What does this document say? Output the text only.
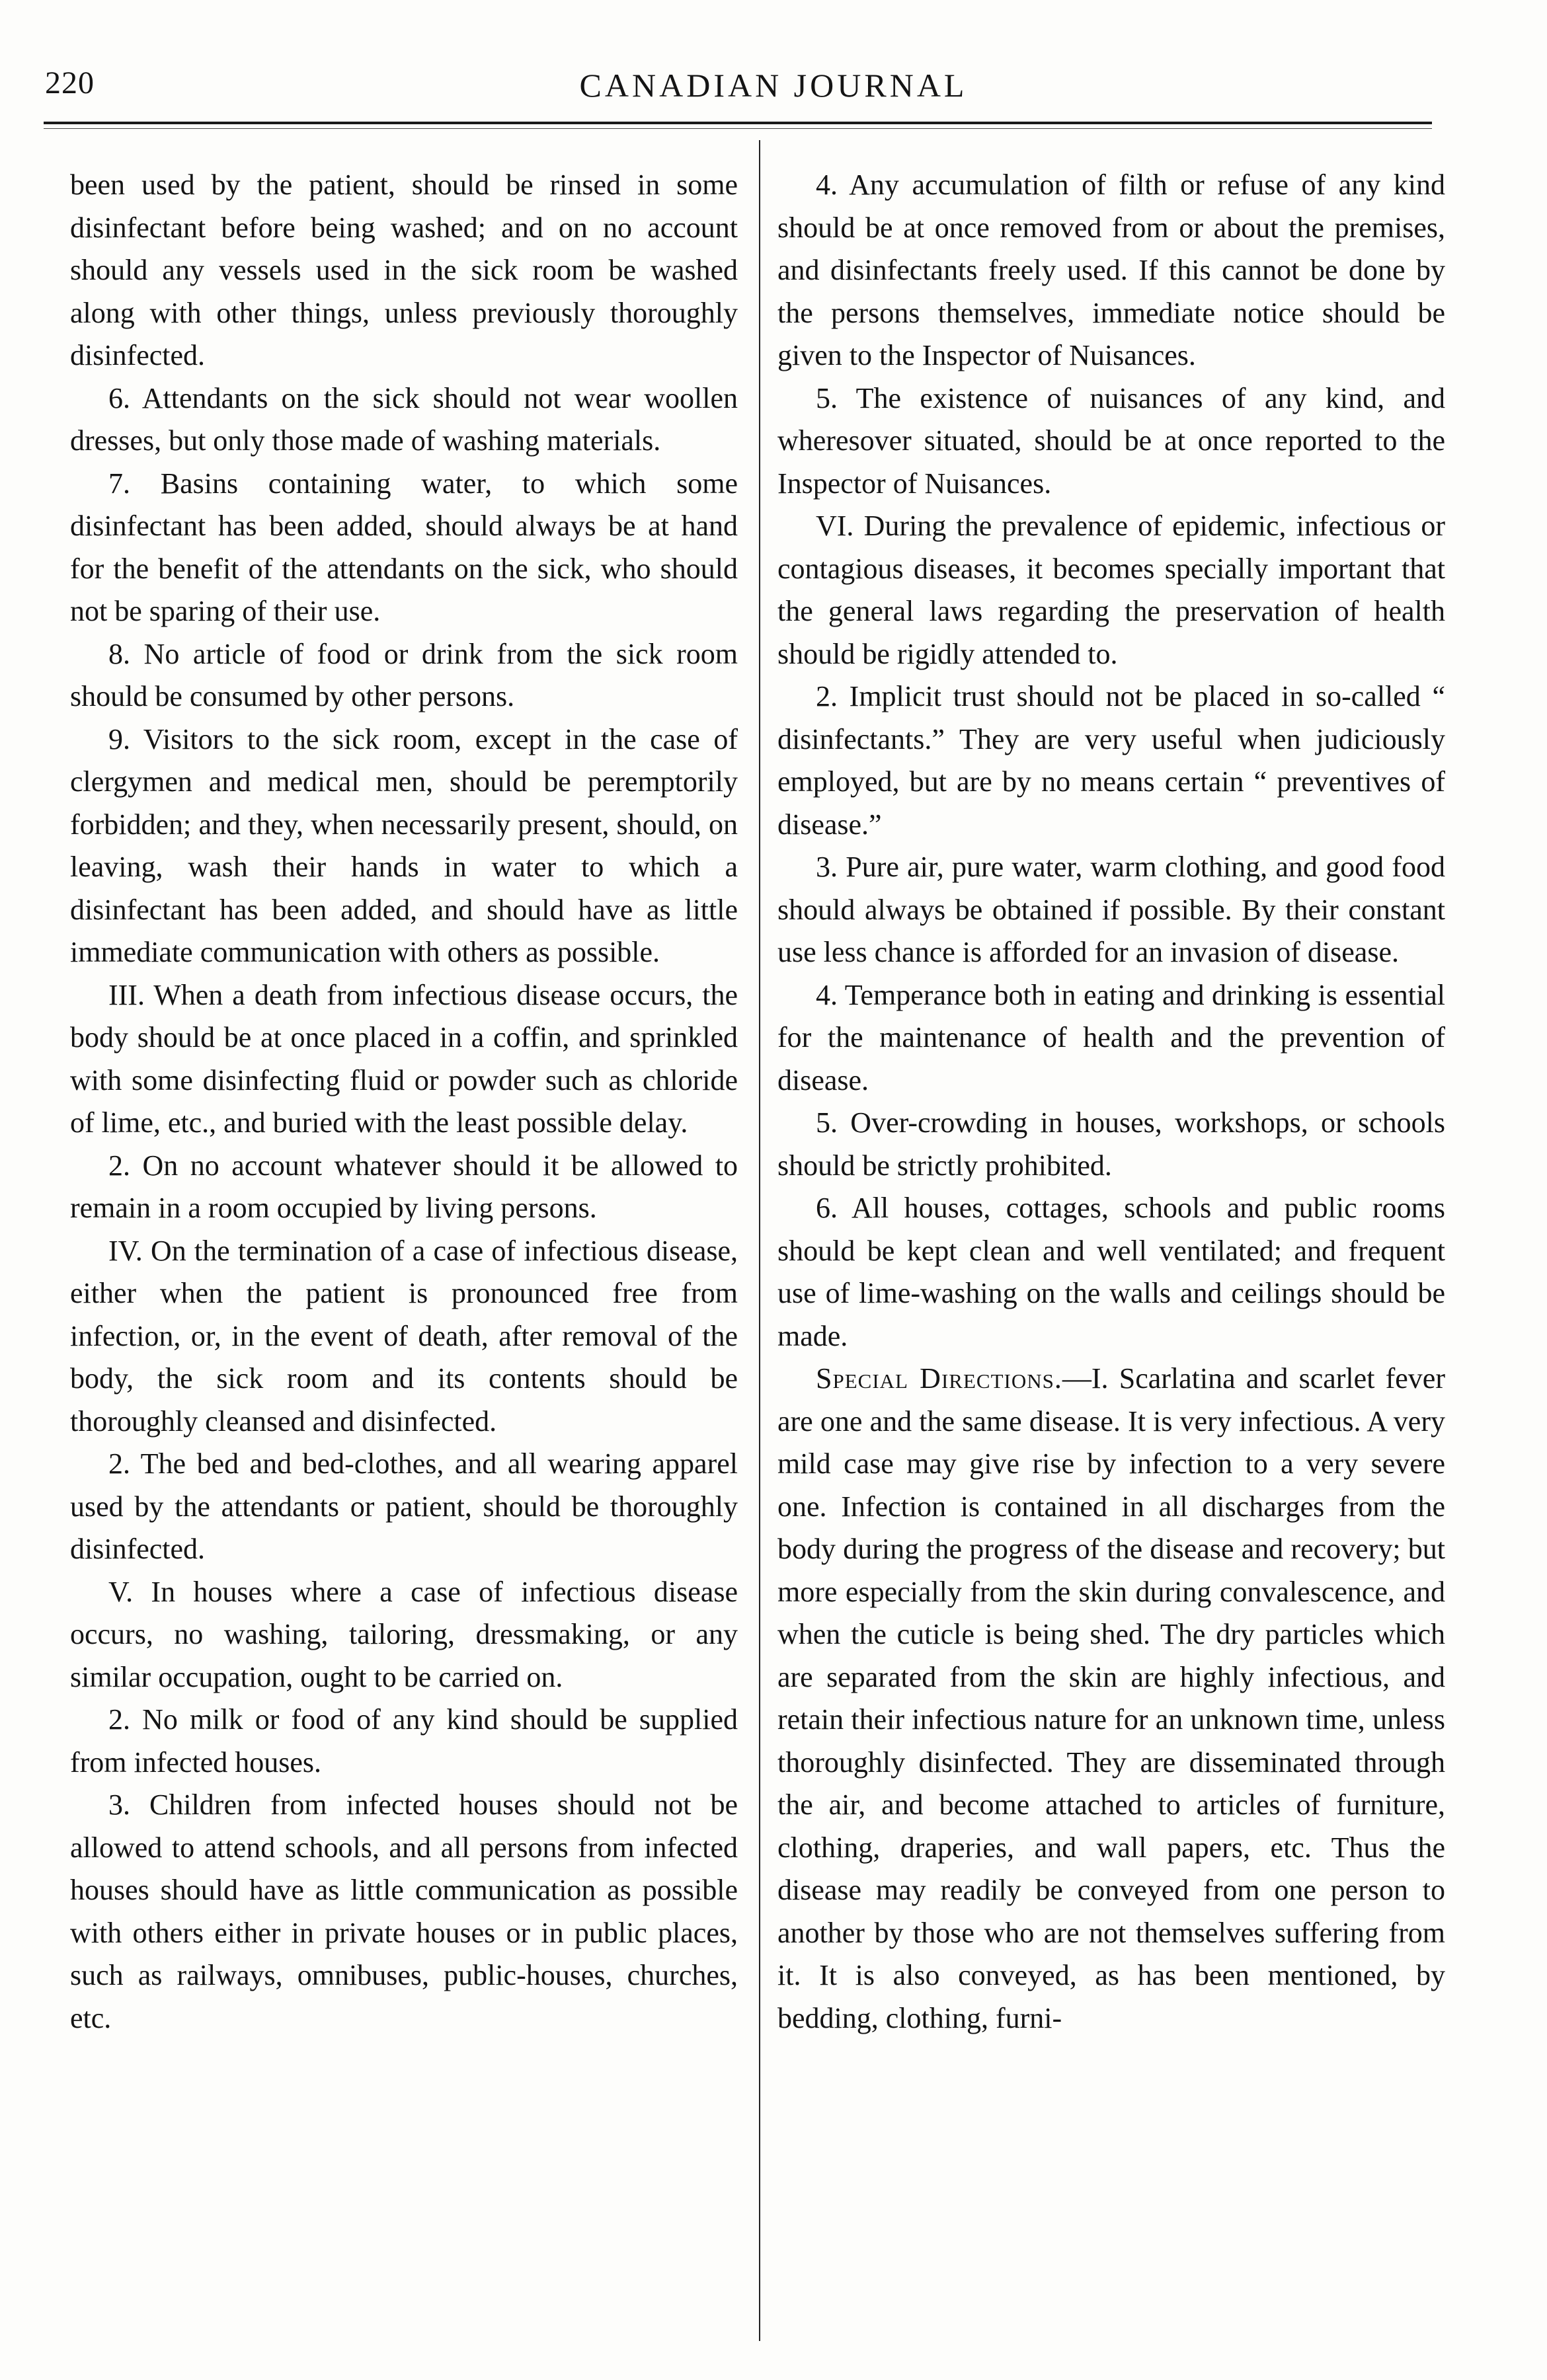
220	CANADIAN JOURNAL

been used by the patient, should be rinsed in some disinfectant before being washed; and on no account should any vessels used in the sick room be washed along with other things, unless previously thoroughly disinfected.

6. Attendants on the sick should not wear woollen dresses, but only those made of washing materials.

7. Basins containing water, to which some disinfectant has been added, should always be at hand for the benefit of the attendants on the sick, who should not be sparing of their use.

8. No article of food or drink from the sick room should be consumed by other persons.

9. Visitors to the sick room, except in the case of clergymen and medical men, should be peremptorily forbidden; and they, when necessarily present, should, on leaving, wash their hands in water to which a disinfectant has been added, and should have as little immediate communication with others as possible.

III. When a death from infectious disease occurs, the body should be at once placed in a coffin, and sprinkled with some disinfecting fluid or powder such as chloride of lime, etc., and buried with the least possible delay.

2. On no account whatever should it be allowed to remain in a room occupied by living persons.

IV. On the termination of a case of infectious disease, either when the patient is pronounced free from infection, or, in the event of death, after removal of the body, the sick room and its contents should be thoroughly cleansed and disinfected.

2. The bed and bed-clothes, and all wearing apparel used by the attendants or patient, should be thoroughly disinfected.

V. In houses where a case of infectious disease occurs, no washing, tailoring, dressmaking, or any similar occupation, ought to be carried on.

2. No milk or food of any kind should be supplied from infected houses.

3. Children from infected houses should not be allowed to attend schools, and all persons from infected houses should have as little communication as possible with others either in private houses or in public places, such as railways, omnibuses, public-houses, churches, etc.

4. Any accumulation of filth or refuse of any kind should be at once removed from or about the premises, and disinfectants freely used. If this cannot be done by the persons themselves, immediate notice should be given to the Inspector of Nuisances.

5. The existence of nuisances of any kind, and wheresover situated, should be at once reported to the Inspector of Nuisances.

VI. During the prevalence of epidemic, infectious or contagious diseases, it becomes specially important that the general laws regarding the preservation of health should be rigidly attended to.

2. Implicit trust should not be placed in so-called “ disinfectants.” They are very useful when judiciously employed, but are by no means certain “ preventives of disease.”

3. Pure air, pure water, warm clothing, and good food should always be obtained if possible. By their constant use less chance is afforded for an invasion of disease.

4. Temperance both in eating and drinking is essential for the maintenance of health and the prevention of disease.

5. Over-crowding in houses, workshops, or schools should be strictly prohibited.

6. All houses, cottages, schools and public rooms should be kept clean and well ventilated; and frequent use of lime-washing on the walls and ceilings should be made.

Special Directions.—I. Scarlatina and scarlet fever are one and the same disease. It is very infectious. A very mild case may give rise by infection to a very severe one. Infection is contained in all discharges from the body during the progress of the disease and recovery; but more especially from the skin during convalescence, and when the cuticle is being shed. The dry particles which are separated from the skin are highly infectious, and retain their infectious nature for an unknown time, unless thoroughly disinfected. They are disseminated through the air, and become attached to articles of furniture, clothing, draperies, and wall papers, etc. Thus the disease may readily be conveyed from one person to another by those who are not themselves suffering from it. It is also conveyed, as has been mentioned, by bedding, clothing, furni-
